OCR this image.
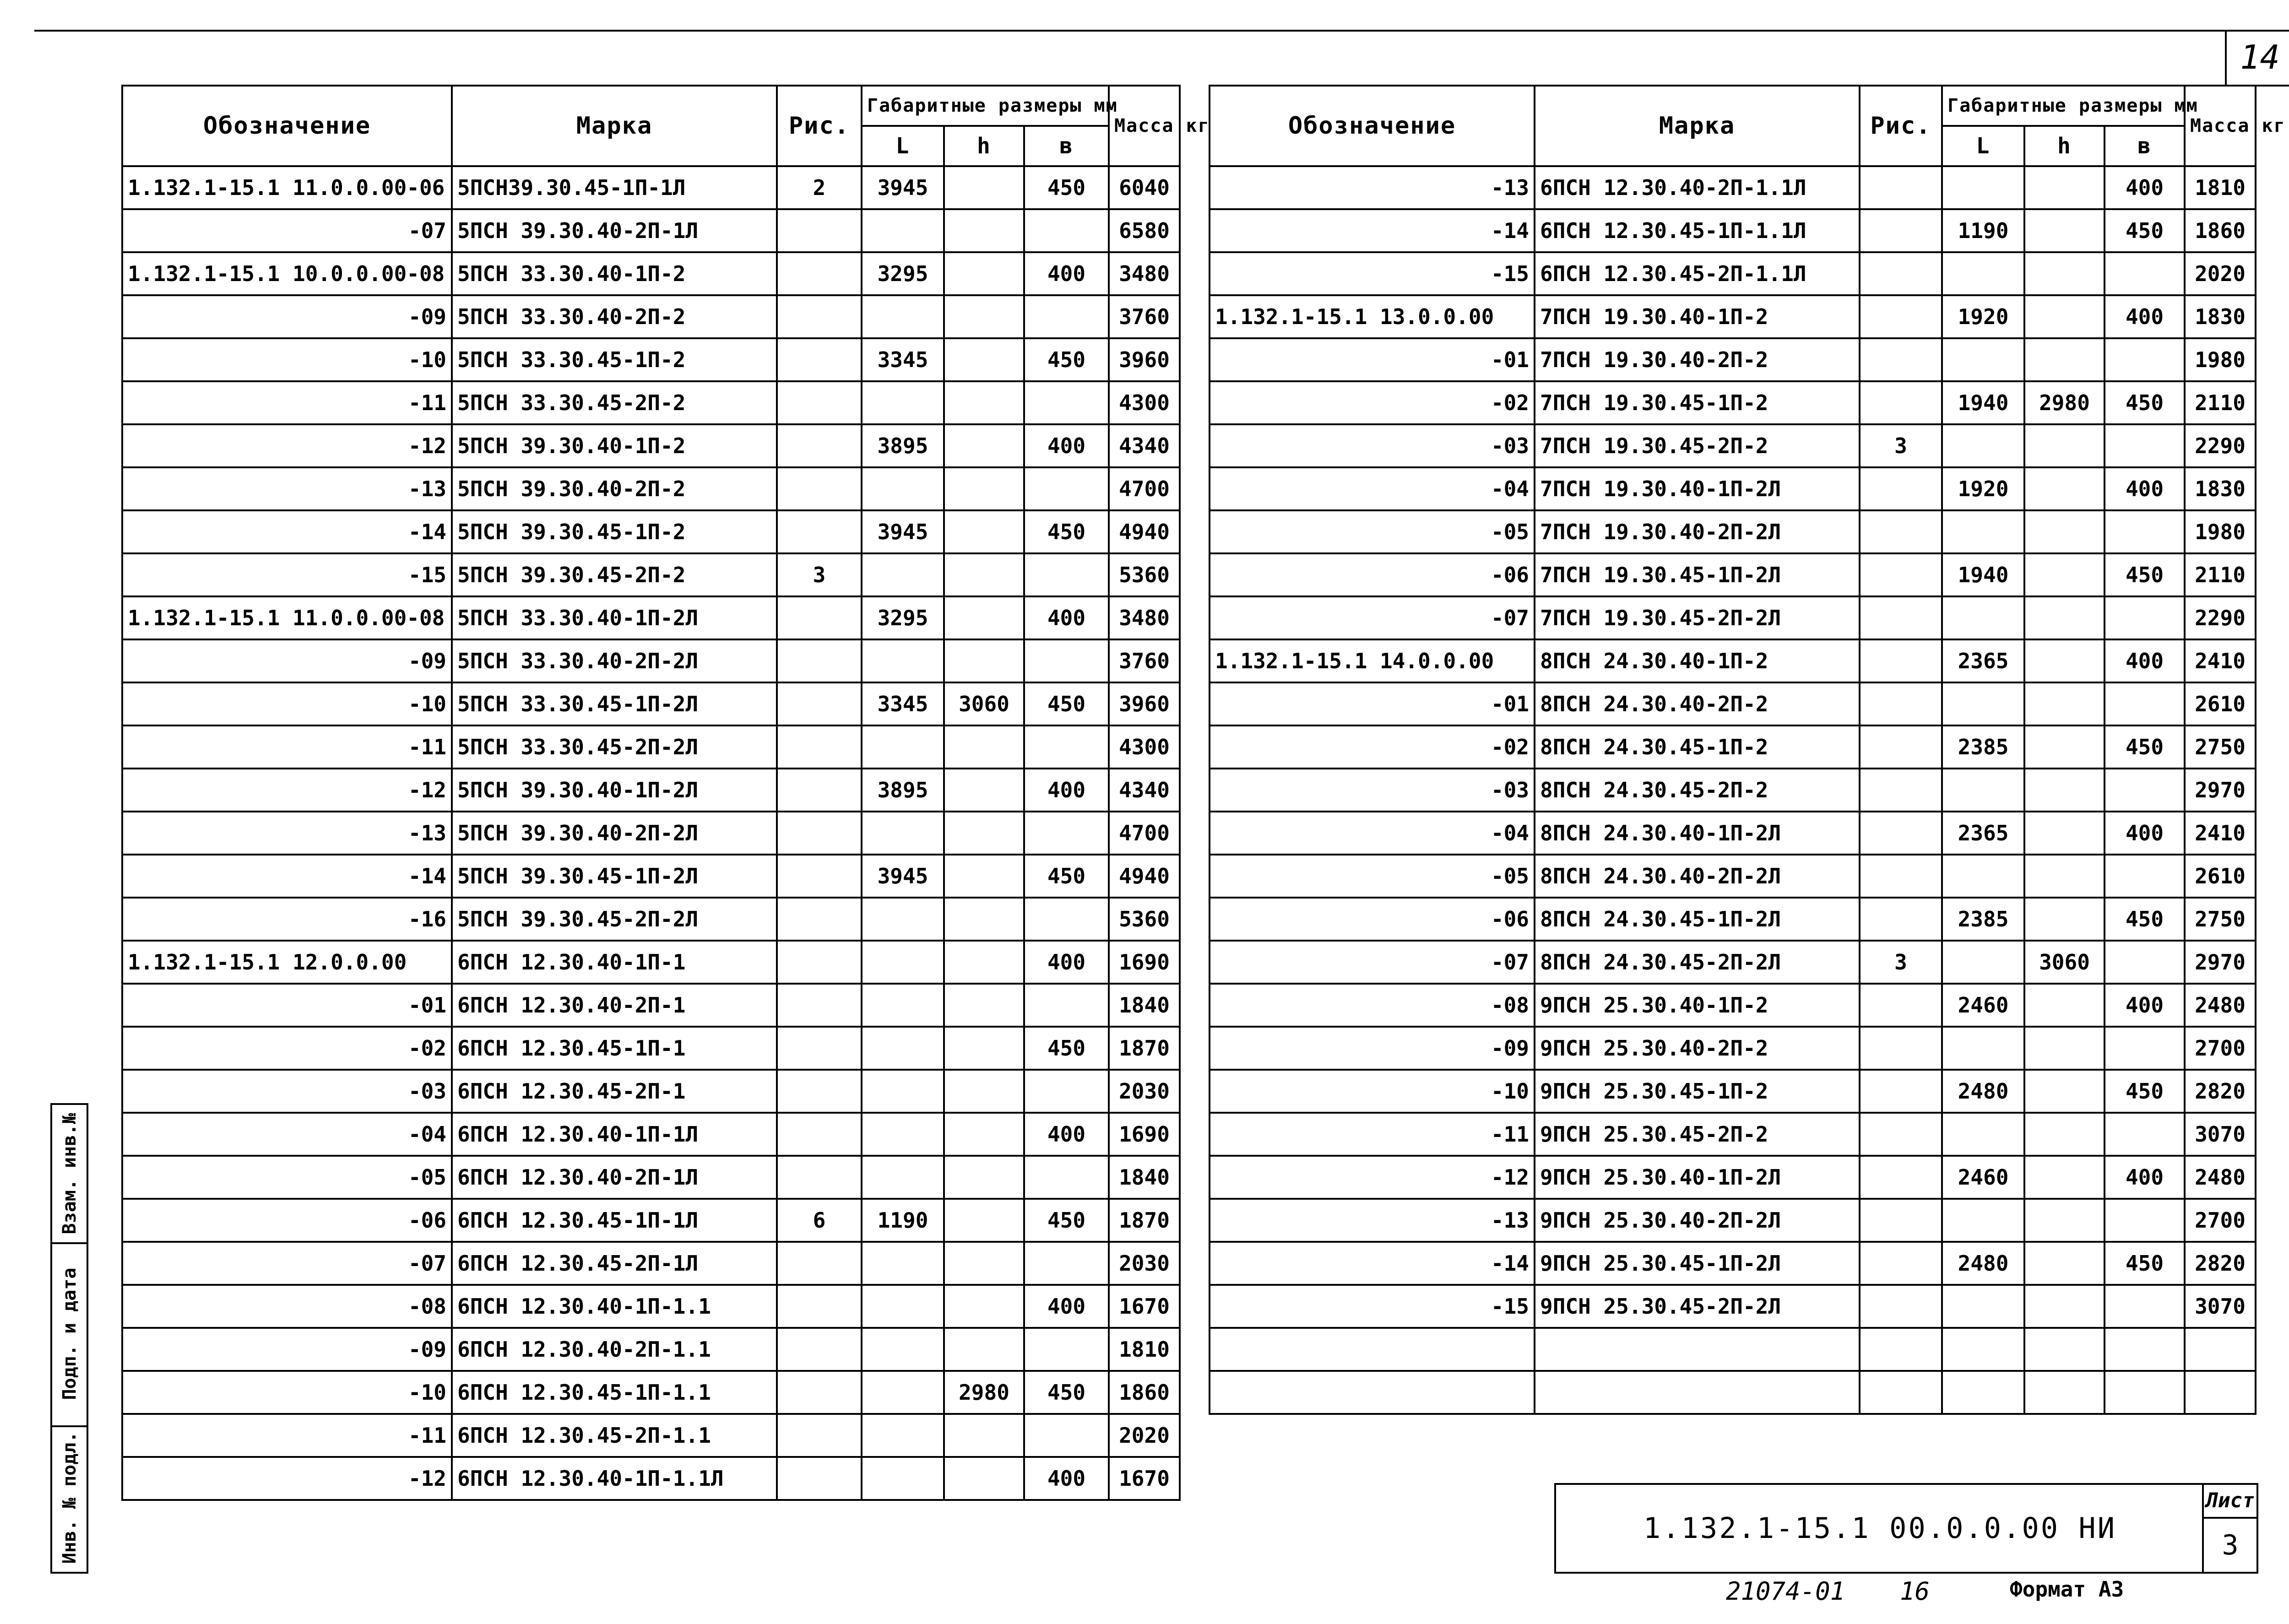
14
Обозначение	Марка	Рис.	Габаритные размеры мм			Масса кг
			L	h	в	
1.132.1-15.1 11.0.0.00-06	5ПСН39.30.45-1П-1Л	2	3945		450	6040
-07	5ПСН 39.30.40-2П-1Л					6580
1.132.1-15.1 10.0.0.00-08	5ПСН 33.30.40-1П-2		3295		400	3480
-09	5ПСН 33.30.40-2П-2					3760
-10	5ПСН 33.30.45-1П-2		3345		450	3960
-11	5ПСН 33.30.45-2П-2					4300
-12	5ПСН 39.30.40-1П-2		3895		400	4340
-13	5ПСН 39.30.40-2П-2					4700
-14	5ПСН 39.30.45-1П-2		3945		450	4940
-15	5ПСН 39.30.45-2П-2	3				5360
1.132.1-15.1 11.0.0.00-08	5ПСН 33.30.40-1П-2Л		3295		400	3480
-09	5ПСН 33.30.40-2П-2Л					3760
-10	5ПСН 33.30.45-1П-2Л		3345	3060	450	3960
-11	5ПСН 33.30.45-2П-2Л					4300
-12	5ПСН 39.30.40-1П-2Л		3895		400	4340
-13	5ПСН 39.30.40-2П-2Л					4700
-14	5ПСН 39.30.45-1П-2Л		3945		450	4940
-16	5ПСН 39.30.45-2П-2Л					5360
1.132.1-15.1 12.0.0.00	6ПСН 12.30.40-1П-1				400	1690
-01	6ПСН 12.30.40-2П-1					1840
-02	6ПСН 12.30.45-1П-1				450	1870
-03	6ПСН 12.30.45-2П-1					2030
-04	6ПСН 12.30.40-1П-1Л				400	1690
-05	6ПСН 12.30.40-2П-1Л					1840
-06	6ПСН 12.30.45-1П-1Л	6	1190		450	1870
-07	6ПСН 12.30.45-2П-1Л					2030
-08	6ПСН 12.30.40-1П-1.1				400	1670
-09	6ПСН 12.30.40-2П-1.1					1810
-10	6ПСН 12.30.45-1П-1.1			2980	450	1860
-11	6ПСН 12.30.45-2П-1.1					2020
-12	6ПСН 12.30.40-1П-1.1Л				400	1670
Обозначение	Марка	Рис.	Габаритные размеры мм			Масса кг
			L	h	в	
-13	6ПСН 12.30.40-2П-1.1Л				400	1810
-14	6ПСН 12.30.45-1П-1.1Л		1190		450	1860
-15	6ПСН 12.30.45-2П-1.1Л					2020
1.132.1-15.1 13.0.0.00	7ПСН 19.30.40-1П-2		1920		400	1830
-01	7ПСН 19.30.40-2П-2					1980
-02	7ПСН 19.30.45-1П-2		1940	2980	450	2110
-03	7ПСН 19.30.45-2П-2	3				2290
-04	7ПСН 19.30.40-1П-2Л		1920		400	1830
-05	7ПСН 19.30.40-2П-2Л					1980
-06	7ПСН 19.30.45-1П-2Л		1940		450	2110
-07	7ПСН 19.30.45-2П-2Л					2290
1.132.1-15.1 14.0.0.00	8ПСН 24.30.40-1П-2		2365		400	2410
-01	8ПСН 24.30.40-2П-2					2610
-02	8ПСН 24.30.45-1П-2		2385		450	2750
-03	8ПСН 24.30.45-2П-2					2970
-04	8ПСН 24.30.40-1П-2Л		2365		400	2410
-05	8ПСН 24.30.40-2П-2Л					2610
-06	8ПСН 24.30.45-1П-2Л		2385		450	2750
-07	8ПСН 24.30.45-2П-2Л	3		3060		2970
-08	9ПСН 25.30.40-1П-2		2460		400	2480
-09	9ПСН 25.30.40-2П-2					2700
-10	9ПСН 25.30.45-1П-2		2480		450	2820
-11	9ПСН 25.30.45-2П-2					3070
-12	9ПСН 25.30.40-1П-2Л		2460		400	2480
-13	9ПСН 25.30.40-2П-2Л					2700
-14	9ПСН 25.30.45-1П-2Л		2480		450	2820
-15	9ПСН 25.30.45-2П-2Л					3070

1.132.1-15.1 00.0.0.00 НИ
Лист
3
Взам. инв.№
Подп. и дата
Инв. № подл.
21074-01 16	Формат А3
